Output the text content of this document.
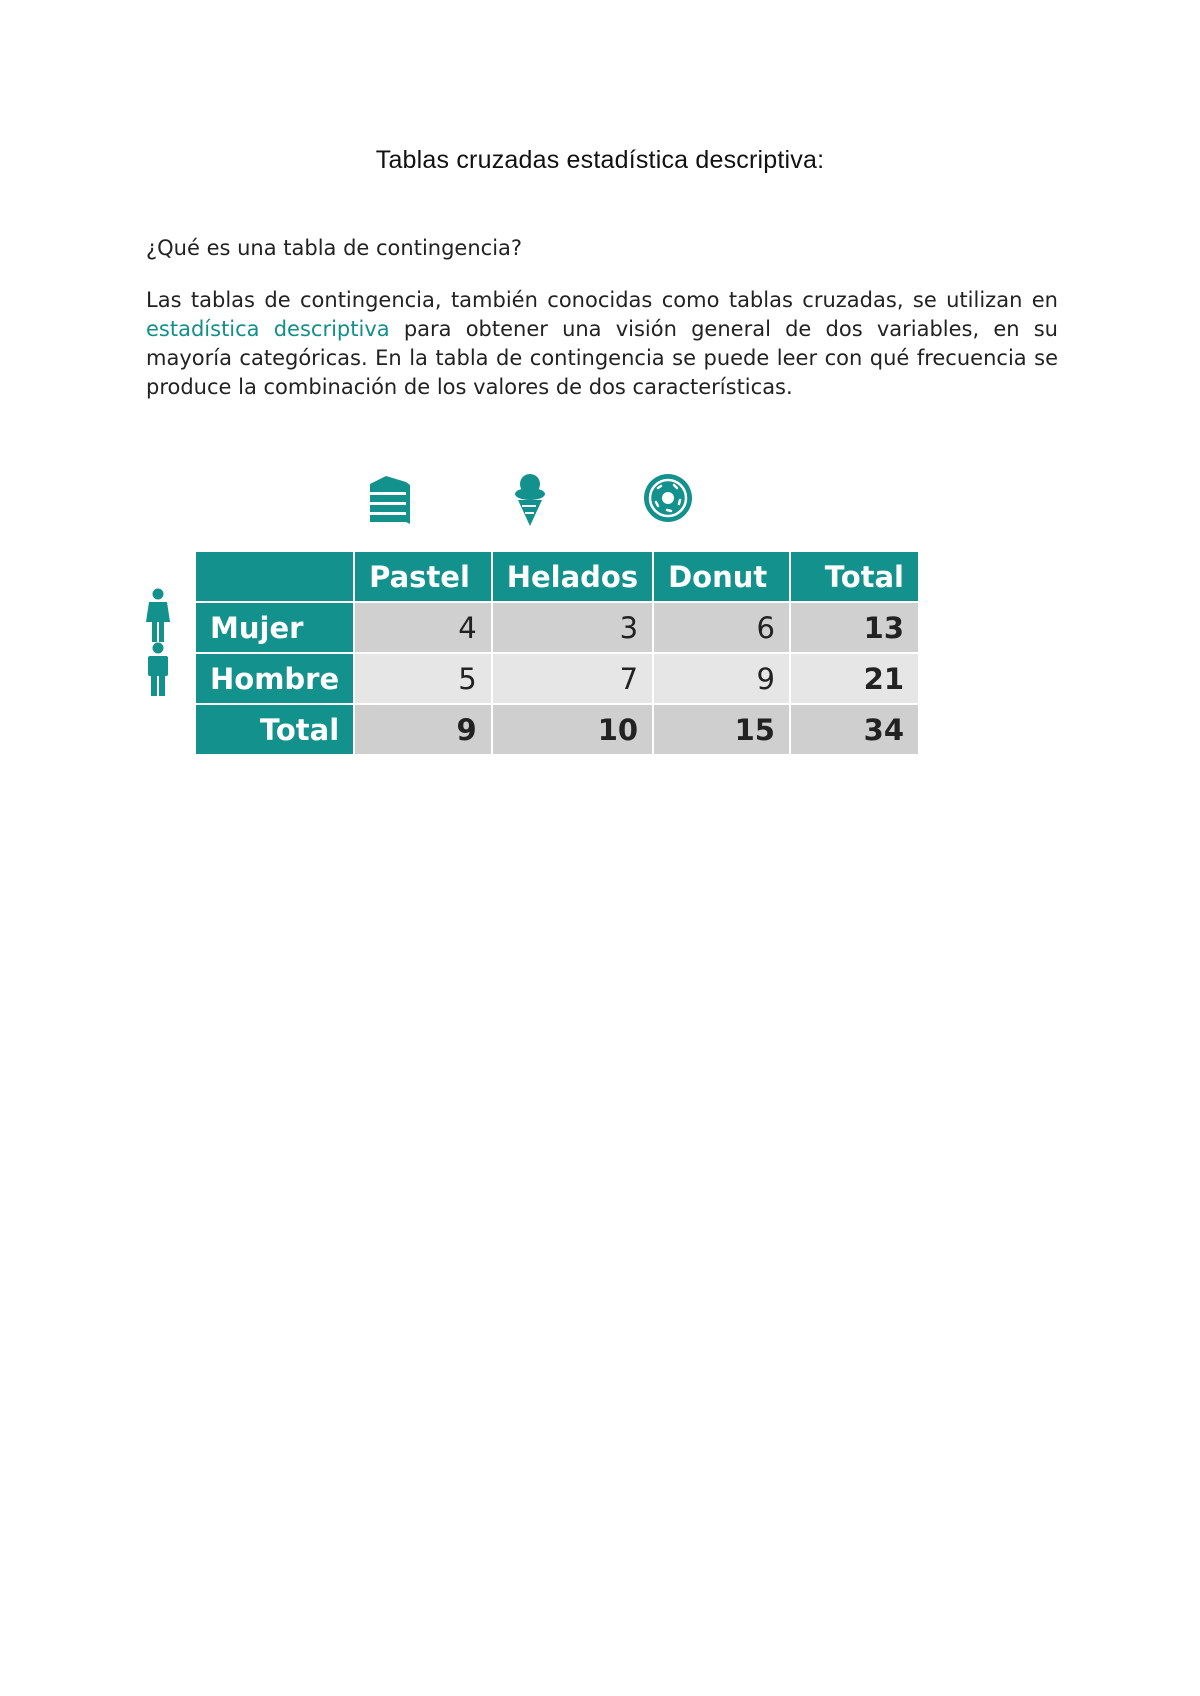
Tablas cruzadas estadística descriptiva:
¿Qué es una tabla de contingencia?

Las tablas de contingencia, también conocidas como tablas cruzadas, se utilizan en estadística descriptiva para obtener una visión general de dos variables, en su mayoría categóricas. En la tabla de contingencia se puede leer con qué frecuencia se produce la combinación de los valores de dos características.

	Pastel	Helados	Donut	Total
Mujer	4	3	6	13
Hombre	5	7	9	21
Total	9	10	15	34
